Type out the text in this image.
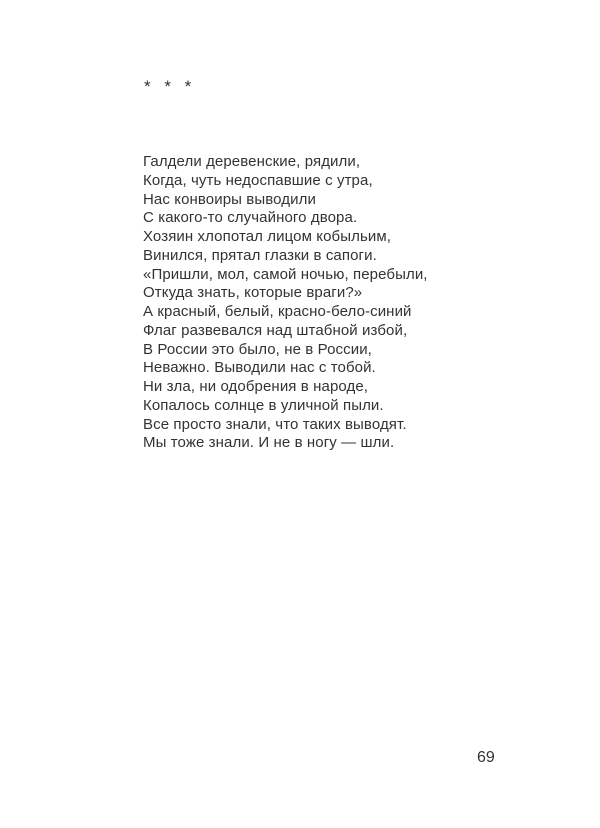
* * *
Галдели деревенские, рядили,
Когда, чуть недоспавшие с утра,
Нас конвоиры выводили
С какого-то случайного двора.
Хозяин хлопотал лицом кобыльим,
Винился, прятал глазки в сапоги.
«Пришли, мол, самой ночью, перебыли,
Откуда знать, которые враги?»
А красный, белый, красно-бело-синий
Флаг развевался над штабной избой,
В России это было, не в России,
Неважно. Выводили нас с тобой.
Ни зла, ни одобрения в народе,
Копалось солнце в уличной пыли.
Все просто знали, что таких выводят.
Мы тоже знали. И не в ногу — шли.
69
